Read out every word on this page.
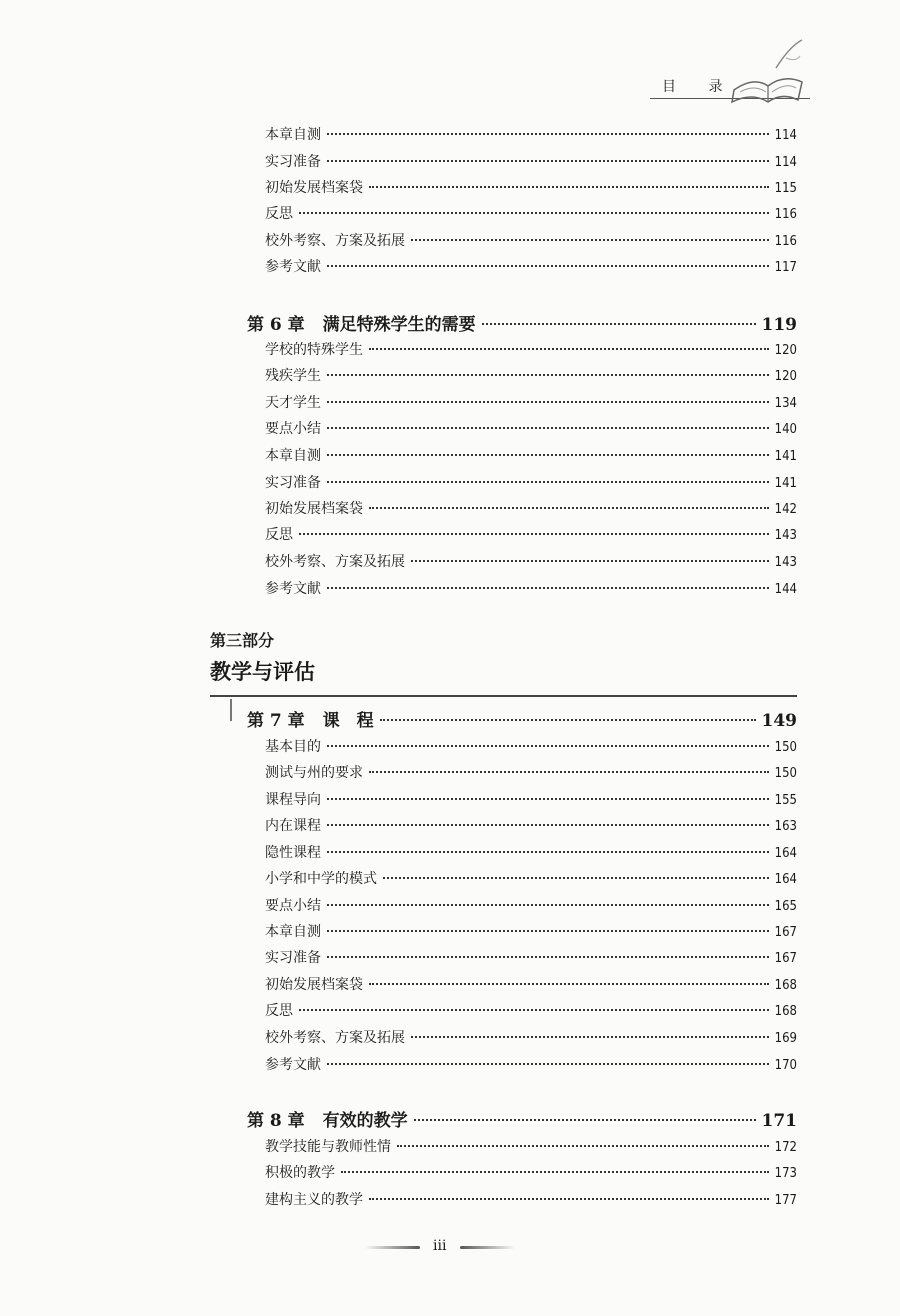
目 录
本章自测	114
实习准备	114
初始发展档案袋	115
反思	116
校外考察、方案及拓展	116
参考文献	117
第 6 章 满足特殊学生的需要	119
学校的特殊学生	120
残疾学生	120
天才学生	134
要点小结	140
本章自测	141
实习准备	141
初始发展档案袋	142
反思	143
校外考察、方案及拓展	143
参考文献	144
第三部分
教学与评估
第 7 章 课　程	149
基本目的	150
测试与州的要求	150
课程导向	155
内在课程	163
隐性课程	164
小学和中学的模式	164
要点小结	165
本章自测	167
实习准备	167
初始发展档案袋	168
反思	168
校外考察、方案及拓展	169
参考文献	170
第 8 章 有效的教学	171
教学技能与教师性情	172
积极的教学	173
建构主义的教学	177
iii
